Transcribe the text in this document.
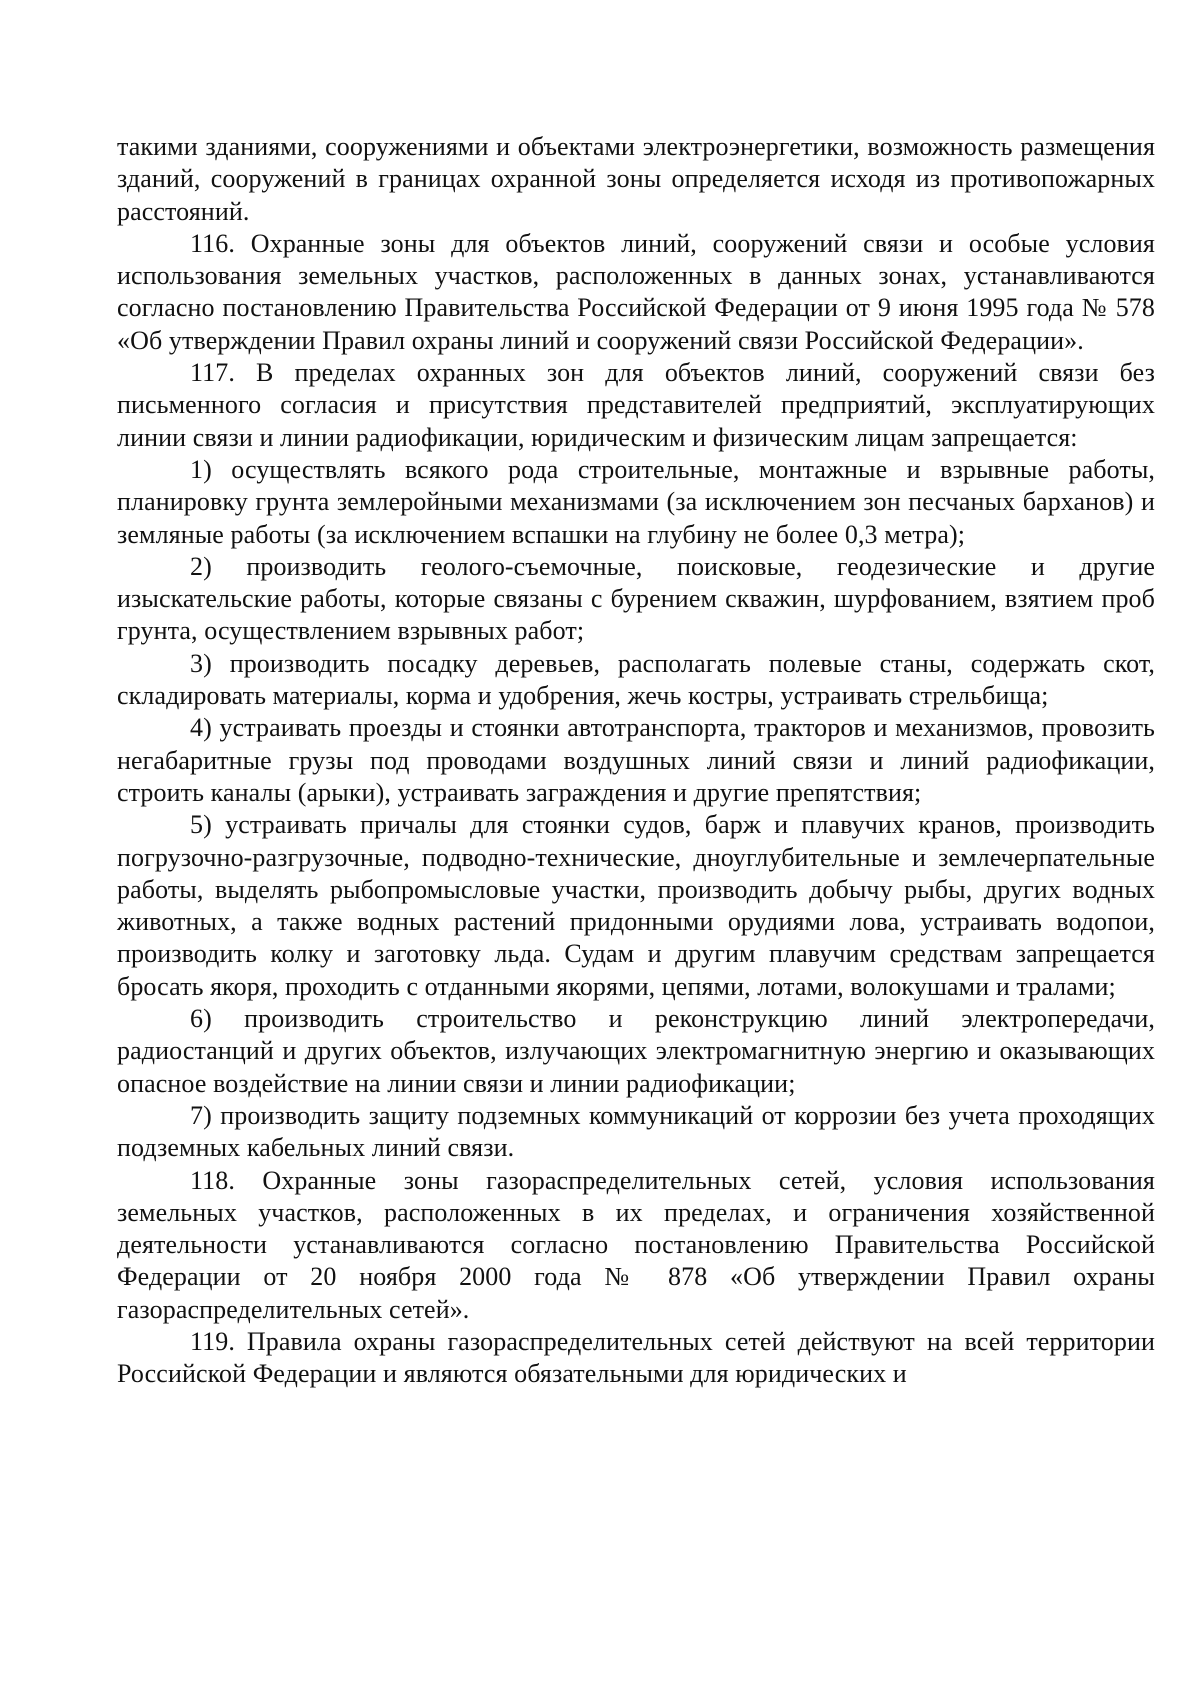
такими зданиями, сооружениями и объектами электроэнергетики, возможность размещения зданий, сооружений в границах охранной зоны определяется исходя из противопожарных расстояний.

116. Охранные зоны для объектов линий, сооружений связи и особые условия использования земельных участков, расположенных в данных зонах, устанавливаются согласно постановлению Правительства Российской Федерации от 9 июня 1995 года № 578 «Об утверждении Правил охраны линий и сооружений связи Российской Федерации».

117. В пределах охранных зон для объектов линий, сооружений связи без письменного согласия и присутствия представителей предприятий, эксплуатирующих линии связи и линии радиофикации, юридическим и физическим лицам запрещается:

1) осуществлять всякого рода строительные, монтажные и взрывные работы, планировку грунта землеройными механизмами (за исключением зон песчаных барханов) и земляные работы (за исключением вспашки на глубину не более 0,3 метра);

2) производить геолого-съемочные, поисковые, геодезические и другие изыскательские работы, которые связаны с бурением скважин, шурфованием, взятием проб грунта, осуществлением взрывных работ;

3) производить посадку деревьев, располагать полевые станы, содержать скот, складировать материалы, корма и удобрения, жечь костры, устраивать стрельбища;

4) устраивать проезды и стоянки автотранспорта, тракторов и механизмов, провозить негабаритные грузы под проводами воздушных линий связи и линий радиофикации, строить каналы (арыки), устраивать заграждения и другие препятствия;

5) устраивать причалы для стоянки судов, барж и плавучих кранов, производить погрузочно-разгрузочные, подводно-технические, дноуглубительные и землечерпательные работы, выделять рыбопромысловые участки, производить добычу рыбы, других водных животных, а также водных растений придонными орудиями лова, устраивать водопои, производить колку и заготовку льда. Судам и другим плавучим средствам запрещается бросать якоря, проходить с отданными якорями, цепями, лотами, волокушами и тралами;

6) производить строительство и реконструкцию линий электропередачи, радиостанций и других объектов, излучающих электромагнитную энергию и оказывающих опасное воздействие на линии связи и линии радиофикации;

7) производить защиту подземных коммуникаций от коррозии без учета проходящих подземных кабельных линий связи.

118. Охранные зоны газораспределительных сетей, условия использования земельных участков, расположенных в их пределах, и ограничения хозяйственной деятельности устанавливаются согласно постановлению Правительства Российской Федерации от 20 ноября 2000 года № 878 «Об утверждении Правил охраны газораспределительных сетей».

119. Правила охраны газораспределительных сетей действуют на всей территории Российской Федерации и являются обязательными для юридических и
